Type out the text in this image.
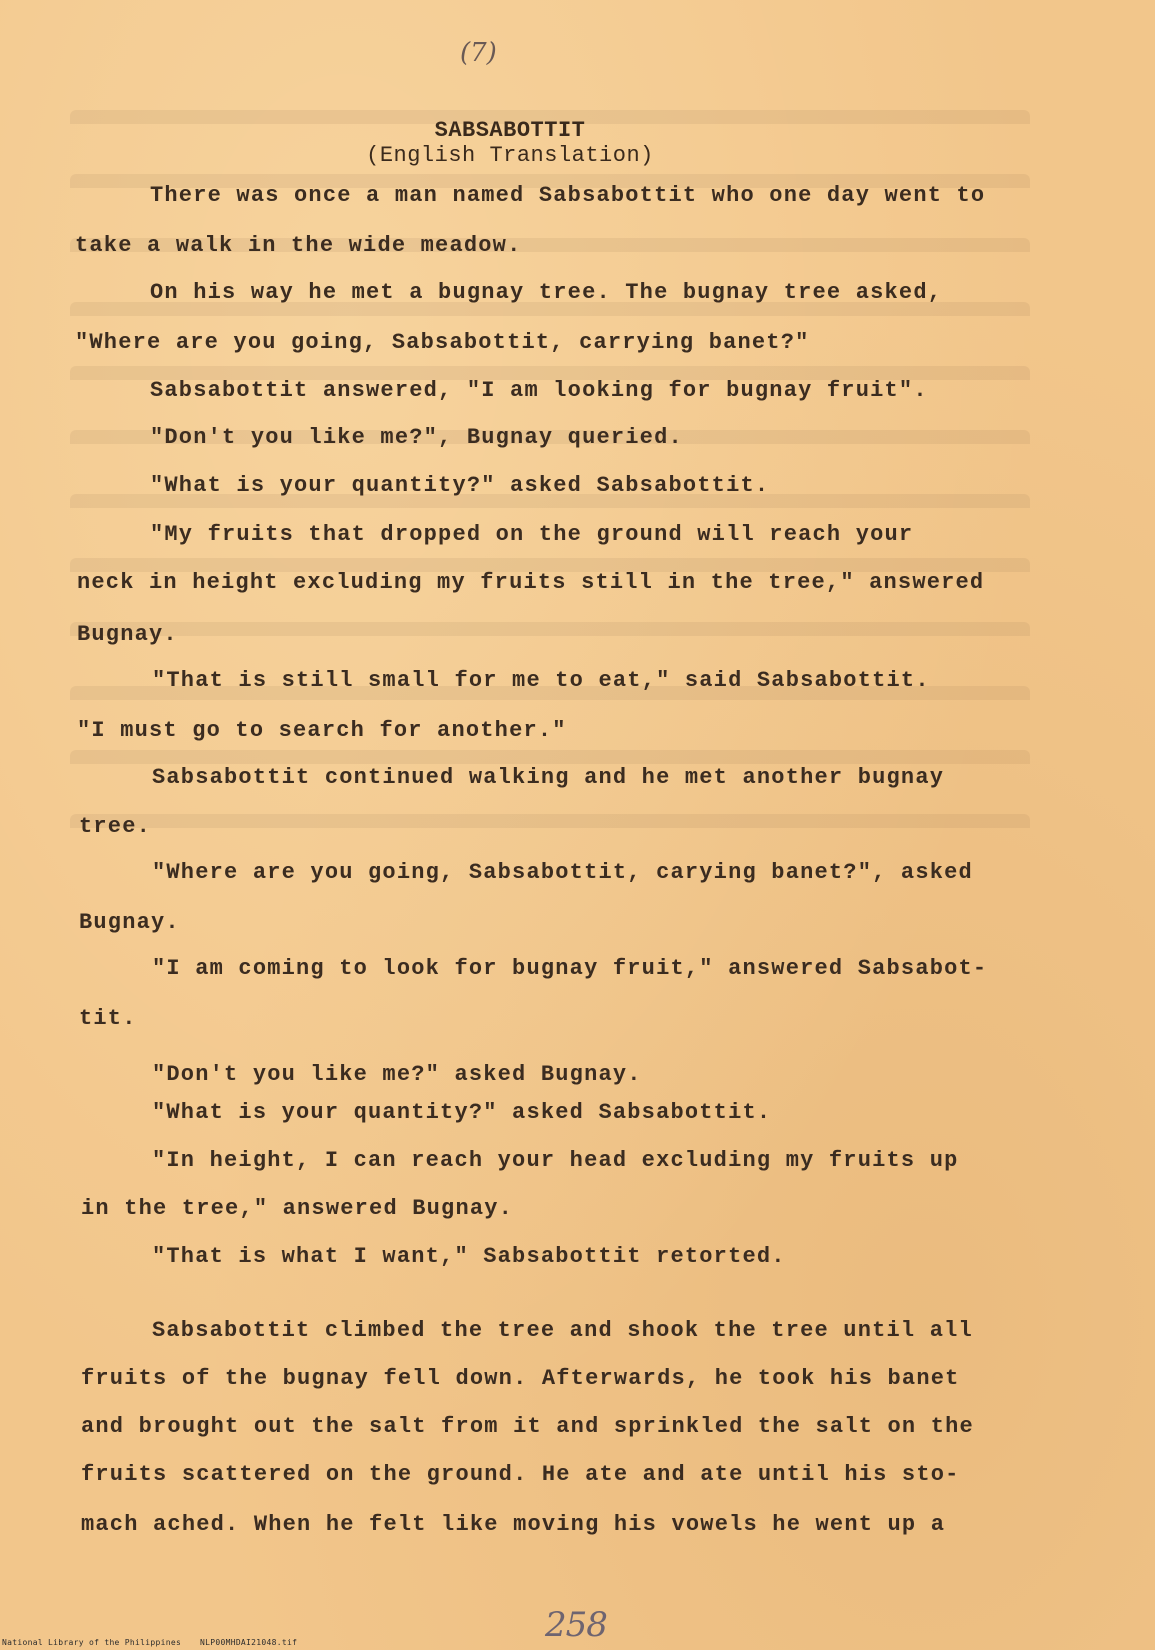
(7)
SABSABOTTIT
(English Translation)
There was once a man named Sabsabottit who one day went to
take a walk in the wide meadow.
On his way he met a bugnay tree. The bugnay tree asked,
"Where are you going, Sabsabottit, carrying banet?"
Sabsabottit answered, "I am looking for bugnay fruit".
"Don't you like me?", Bugnay queried.
"What is your quantity?" asked Sabsabottit.
"My fruits that dropped on the ground will reach your
neck in height excluding my fruits still in the tree," answered
Bugnay.
"That is still small for me to eat," said Sabsabottit.
"I must go to search for another."
Sabsabottit continued walking and he met another bugnay
tree.
"Where are you going, Sabsabottit, carying banet?", asked
Bugnay.
"I am coming to look for bugnay fruit," answered Sabsabot-
tit.
"Don't you like me?" asked Bugnay.
"What is your quantity?" asked Sabsabottit.
"In height, I can reach your head excluding my fruits up
in the tree," answered Bugnay.
"That is what I want," Sabsabottit retorted.
Sabsabottit climbed the tree and shook the tree until all
fruits of the bugnay fell down. Afterwards, he took his banet
and brought out the salt from it and sprinkled the salt on the
fruits scattered on the ground. He ate and ate until his sto-
mach ached. When he felt like moving his vowels he went up a
258
National Library of the Philippines NLP00MHDAI21048.tif
